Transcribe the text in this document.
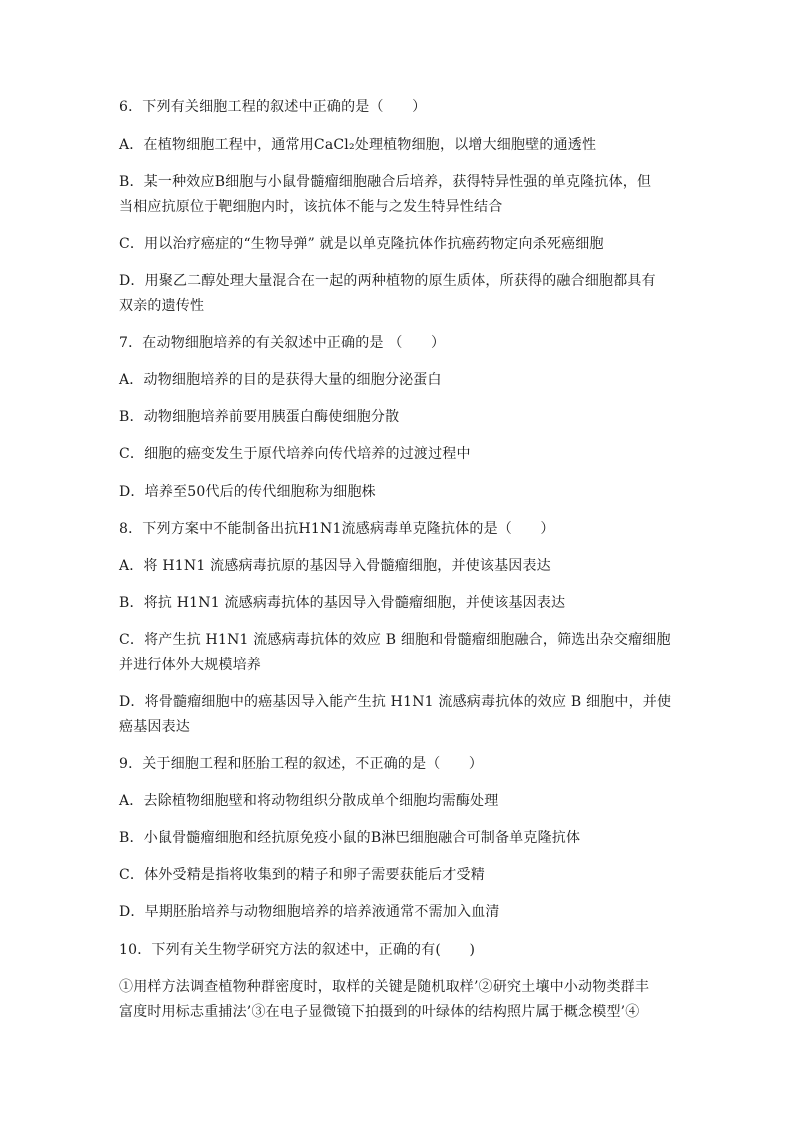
6．下列有关细胞工程的叙述中正确的是（　　）
A．在植物细胞工程中，通常用CaCl₂处理植物细胞，以增大细胞壁的通透性
B．某一种效应B细胞与小鼠骨髓瘤细胞融合后培养，获得特异性强的单克隆抗体，但
当相应抗原位于靶细胞内时，该抗体不能与之发生特异性结合
C．用以治疗癌症的“生物导弹” 就是以单克隆抗体作抗癌药物定向杀死癌细胞
D．用聚乙二醇处理大量混合在一起的两种植物的原生质体，所获得的融合细胞都具有
双亲的遗传性
7．在动物细胞培养的有关叙述中正确的是 （　　）
A．动物细胞培养的目的是获得大量的细胞分泌蛋白
B．动物细胞培养前要用胰蛋白酶使细胞分散
C．细胞的癌变发生于原代培养向传代培养的过渡过程中
D．培养至50代后的传代细胞称为细胞株
8．下列方案中不能制备出抗H1N1流感病毒单克隆抗体的是（　　）
A．将 H1N1 流感病毒抗原的基因导入骨髓瘤细胞，并使该基因表达
B．将抗 H1N1 流感病毒抗体的基因导入骨髓瘤细胞，并使该基因表达
C．将产生抗 H1N1 流感病毒抗体的效应 B 细胞和骨髓瘤细胞融合，筛选出杂交瘤细胞
并进行体外大规模培养
D．将骨髓瘤细胞中的癌基因导入能产生抗 H1N1 流感病毒抗体的效应 B 细胞中，并使
癌基因表达
9．关于细胞工程和胚胎工程的叙述，不正确的是（　　）
A．去除植物细胞壁和将动物组织分散成单个细胞均需酶处理
B．小鼠骨髓瘤细胞和经抗原免疫小鼠的B淋巴细胞融合可制备单克隆抗体
C．体外受精是指将收集到的精子和卵子需要获能后才受精
D．早期胚胎培养与动物细胞培养的培养液通常不需加入血清
10．下列有关生物学研究方法的叙述中，正确的有(　　)
①用样方法调查植物种群密度时，取样的关键是随机取样’②研究土壤中小动物类群丰
富度时用标志重捕法’③在电子显微镜下拍摄到的叶绿体的结构照片属于概念模型’④
